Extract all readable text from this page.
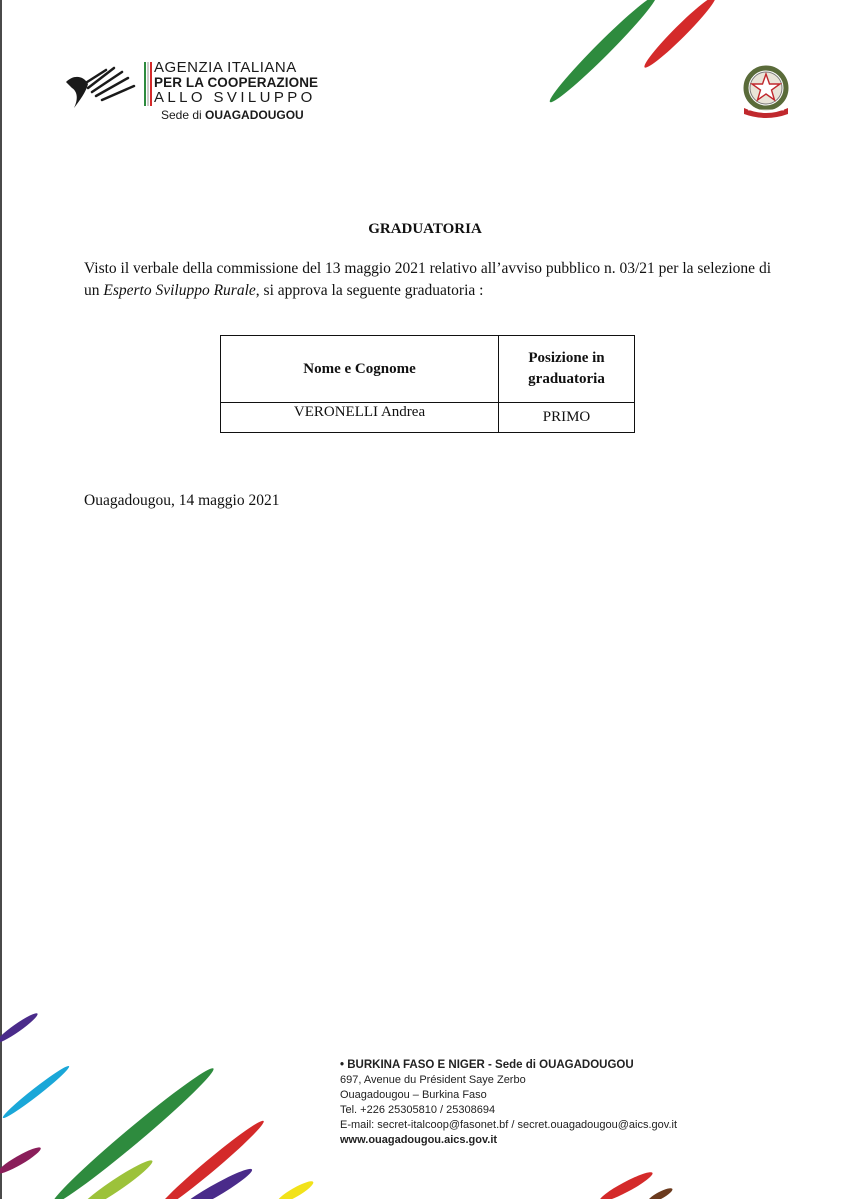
AGENZIA ITALIANA
PER LA COOPERAZIONE
ALLO SVILUPPO
Sede di OUAGADOUGOU
GRADUATORIA

Visto il verbale della commissione del 13 maggio 2021 relativo all’avviso pubblico n. 03/21 per la selezione di un Esperto Sviluppo Rurale, si approva la seguente graduatoria :

Nome e Cognome	Posizione in graduatoria
VERONELLI Andrea	PRIMO
Ouagadougou, 14 maggio 2021
• BURKINA FASO E NIGER - Sede di OUAGADOUGOU
697, Avenue du Président Saye Zerbo
Ouagadougou – Burkina Faso
Tel. +226 25305810 / 25308694
E-mail: secret-italcoop@fasonet.bf / secret.ouagadougou@aics.gov.it
www.ouagadougou.aics.gov.it
